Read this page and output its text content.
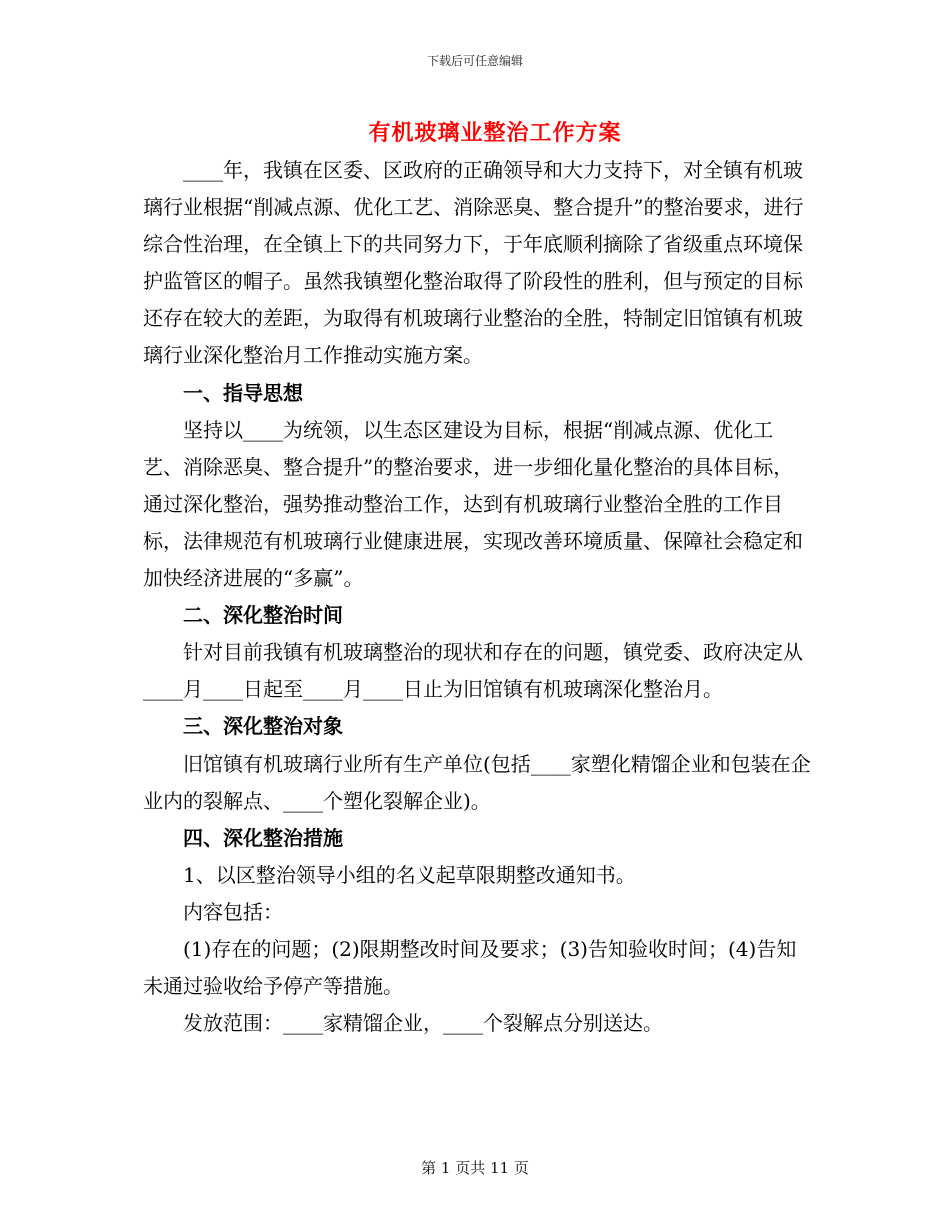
下载后可任意编辑
有机玻璃业整治工作方案

____年，我镇在区委、区政府的正确领导和大力支持下，对全镇有机玻璃行业根据“削减点源、优化工艺、消除恶臭、整合提升”的整治要求，进行综合性治理，在全镇上下的共同努力下，于年底顺利摘除了省级重点环境保护监管区的帽子。虽然我镇塑化整治取得了阶段性的胜利，但与预定的目标还存在较大的差距，为取得有机玻璃行业整治的全胜，特制定旧馆镇有机玻璃行业深化整治月工作推动实施方案。

一、指导思想

坚持以____为统领，以生态区建设为目标，根据“削减点源、优化工艺、消除恶臭、整合提升”的整治要求，进一步细化量化整治的具体目标，通过深化整治，强势推动整治工作，达到有机玻璃行业整治全胜的工作目标，法律规范有机玻璃行业健康进展，实现改善环境质量、保障社会稳定和加快经济进展的“多赢”。

二、深化整治时间

针对目前我镇有机玻璃整治的现状和存在的问题，镇党委、政府决定从____月____日起至____月____日止为旧馆镇有机玻璃深化整治月。

三、深化整治对象

旧馆镇有机玻璃行业所有生产单位(包括____家塑化精馏企业和包装在企业内的裂解点、____个塑化裂解企业)。

四、深化整治措施

1、以区整治领导小组的名义起草限期整改通知书。

内容包括：

(1)存在的问题；(2)限期整改时间及要求；(3)告知验收时间；(4)告知未通过验收给予停产等措施。

发放范围：____家精馏企业，____个裂解点分别送达。

第 1 页共 11 页
